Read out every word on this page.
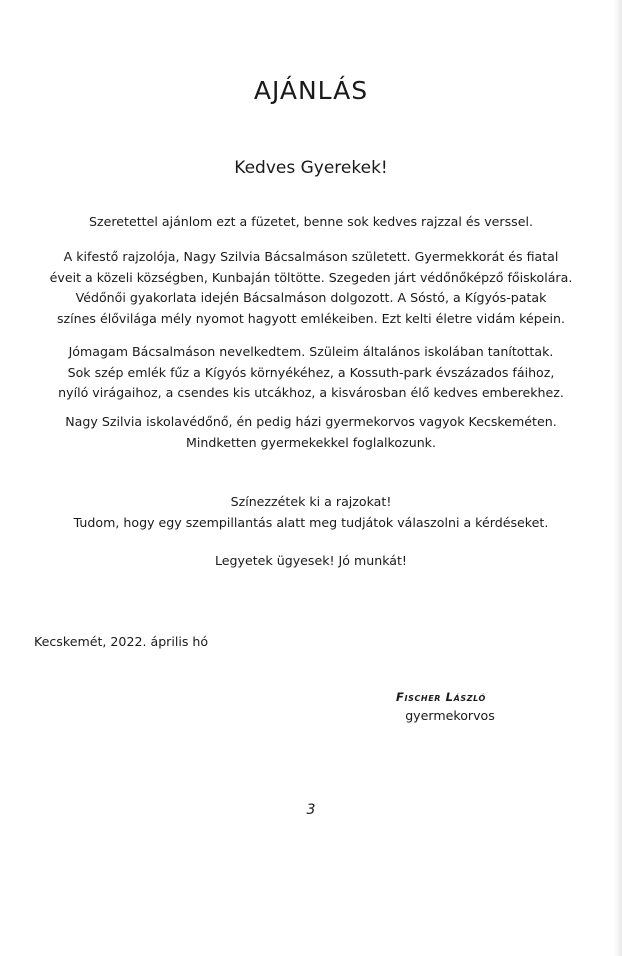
AJÁNLÁS
Kedves Gyerekek!
Szeretettel ajánlom ezt a füzetet, benne sok kedves rajzzal és verssel.
A kifestő rajzolója, Nagy Szilvia Bácsalmáson született. Gyermekkorát és fiatal
éveit a közeli községben, Kunbaján töltötte. Szegeden járt védőnőképző főiskolára.
Védőnői gyakorlata idején Bácsalmáson dolgozott. A Sóstó, a Kígyós-patak
színes élővilága mély nyomot hagyott emlékeiben. Ezt kelti életre vidám képein.
Jómagam Bácsalmáson nevelkedtem. Szüleim általános iskolában tanítottak.
Sok szép emlék fűz a Kígyós környékéhez, a Kossuth-park évszázados fáihoz,
nyíló virágaihoz, a csendes kis utcákhoz, a kisvárosban élő kedves emberekhez.
Nagy Szilvia iskolavédőnő, én pedig házi gyermekorvos vagyok Kecskeméten.
Mindketten gyermekekkel foglalkozunk.
Színezzétek ki a rajzokat!
Tudom, hogy egy szempillantás alatt meg tudjátok válaszolni a kérdéseket.
Legyetek ügyesek! Jó munkát!
Kecskemét, 2022. április hó
Fischer László
gyermekorvos
3
